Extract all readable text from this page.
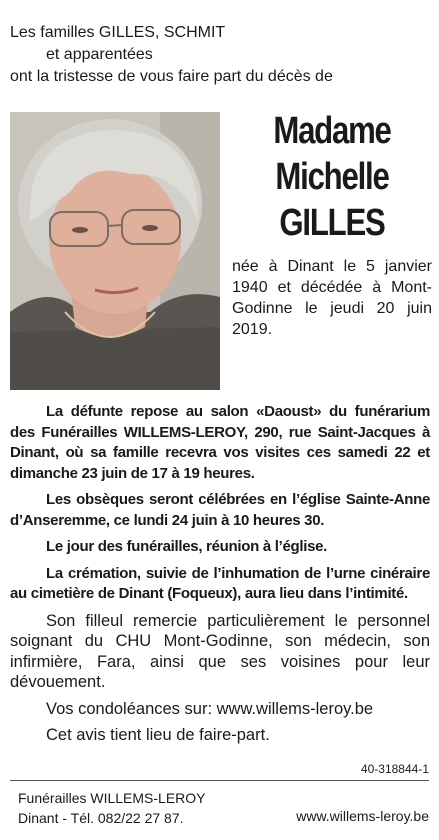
Les familles GILLES, SCHMIT
et apparentées
ont la tristesse de vous faire part du décès de
Madame
Michelle
GILLES
née à Dinant le 5 janvier 1940 et décédée à Mont-Godinne le jeudi 20 juin 2019.

La défunte repose au salon «Daoust» du funérarium des Funérailles WILLEMS-LEROY, 290, rue Saint-Jacques à Dinant, où sa famille recevra vos visites ces samedi 22 et dimanche 23 juin de 17 à 19 heures.

Les obsèques seront célébrées en l’église Sainte-Anne d’Anseremme, ce lundi 24 juin à 10 heures 30.

Le jour des funérailles, réunion à l’église.

La crémation, suivie de l’inhumation de l’urne cinéraire au cimetière de Dinant (Foqueux), aura lieu dans l’intimité.

Son filleul remercie particulièrement le personnel soignant du CHU Mont-Godinne, son médecin, son infirmière, Fara, ainsi que ses voisines pour leur dévouement.

Vos condoléances sur: www.willems-leroy.be

Cet avis tient lieu de faire-part.

40-318844-1
Funérailles WILLEMS-LEROY
Dinant - Tél. 082/22 27 87.	www.willems-leroy.be
